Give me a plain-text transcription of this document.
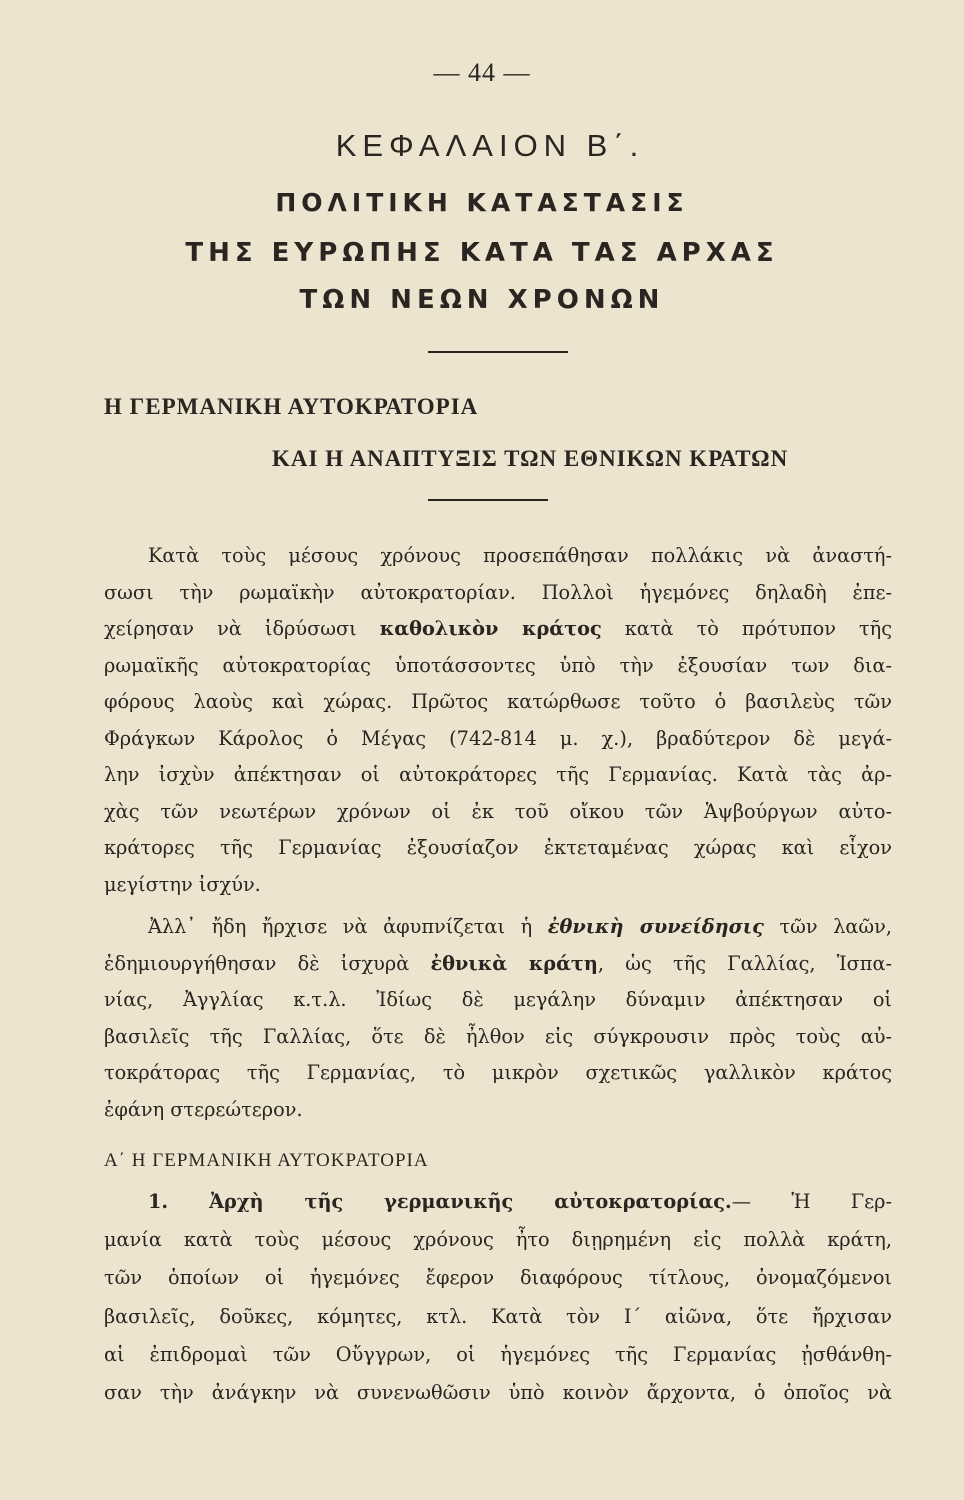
— 44 —
ΚΕΦΑΛΑΙΟΝ Β΄.
ΠΟΛΙΤΙΚΗ ΚΑΤΑΣΤΑΣΙΣ
ΤΗΣ ΕΥΡΩΠΗΣ ΚΑΤΑ ΤΑΣ ΑΡΧΑΣ
ΤΩΝ ΝΕΩΝ ΧΡΟΝΩΝ
Η ΓΕΡΜΑΝΙΚΗ ΑΥΤΟΚΡΑΤΟΡΙΑ
ΚΑΙ Η ΑΝΑΠΤΥΞΙΣ ΤΩΝ ΕΘΝΙΚΩΝ ΚΡΑΤΩΝ
Κατὰ τοὺς μέσους χρόνους προσεπάθησαν πολλάκις νὰ ἀναστή-
σωσι τὴν ρωμαϊκὴν αὐτοκρατορίαν. Πολλοὶ ἡγεμόνες δηλαδὴ ἐπε-
χείρησαν νὰ ἱδρύσωσι καθολικὸν κράτος κατὰ τὸ πρότυπον τῆς
ρωμαϊκῆς αὐτοκρατορίας ὑποτάσσοντες ὑπὸ τὴν ἐξουσίαν των δια-
φόρους λαοὺς καὶ χώρας. Πρῶτος κατώρθωσε τοῦτο ὁ βασιλεὺς τῶν
Φράγκων Κάρολος ὁ Μέγας (742-814 μ. χ.), βραδύτερον δὲ μεγά-
λην ἰσχὺν ἀπέκτησαν οἱ αὐτοκράτορες τῆς Γερμανίας. Κατὰ τὰς ἀρ-
χὰς τῶν νεωτέρων χρόνων οἱ ἐκ τοῦ οἴκου τῶν Ἁψβούργων αὐτο-
κράτορες τῆς Γερμανίας ἐξουσίαζον ἐκτεταμένας χώρας καὶ εἶχον
μεγίστην ἰσχύν.
Ἀλλ᾽ ἤδη ἤρχισε νὰ ἀφυπνίζεται ἡ ἐθνικὴ συνείδησις τῶν λαῶν,
ἐδημιουργήθησαν δὲ ἰσχυρὰ ἐθνικὰ κράτη, ὡς τῆς Γαλλίας, Ἱσπα-
νίας, Ἀγγλίας κ.τ.λ. Ἰδίως δὲ μεγάλην δύναμιν ἀπέκτησαν οἱ
βασιλεῖς τῆς Γαλλίας, ὅτε δὲ ἦλθον εἰς σύγκρουσιν πρὸς τοὺς αὐ-
τοκράτορας τῆς Γερμανίας, τὸ μικρὸν σχετικῶς γαλλικὸν κράτος
ἐφάνη στερεώτερον.
Α΄ Η ΓΕΡΜΑΝΙΚΗ ΑΥΤΟΚΡΑΤΟΡΙΑ
1. Ἀρχὴ τῆς γερμανικῆς αὐτοκρατορίας.— Ἡ Γερ-
μανία κατὰ τοὺς μέσους χρόνους ἦτο διῃρημένη εἰς πολλὰ κράτη,
τῶν ὁποίων οἱ ἡγεμόνες ἔφερον διαφόρους τίτλους, ὀνομαζόμενοι
βασιλεῖς, δοῦκες, κόμητες, κτλ. Κατὰ τὸν Ι΄ αἰῶνα, ὅτε ἤρχισαν
αἱ ἐπιδρομαὶ τῶν Οὔγγρων, οἱ ἡγεμόνες τῆς Γερμανίας ᾐσθάνθη-
σαν τὴν ἀνάγκην νὰ συνενωθῶσιν ὑπὸ κοινὸν ἄρχοντα, ὁ ὁποῖος νὰ
